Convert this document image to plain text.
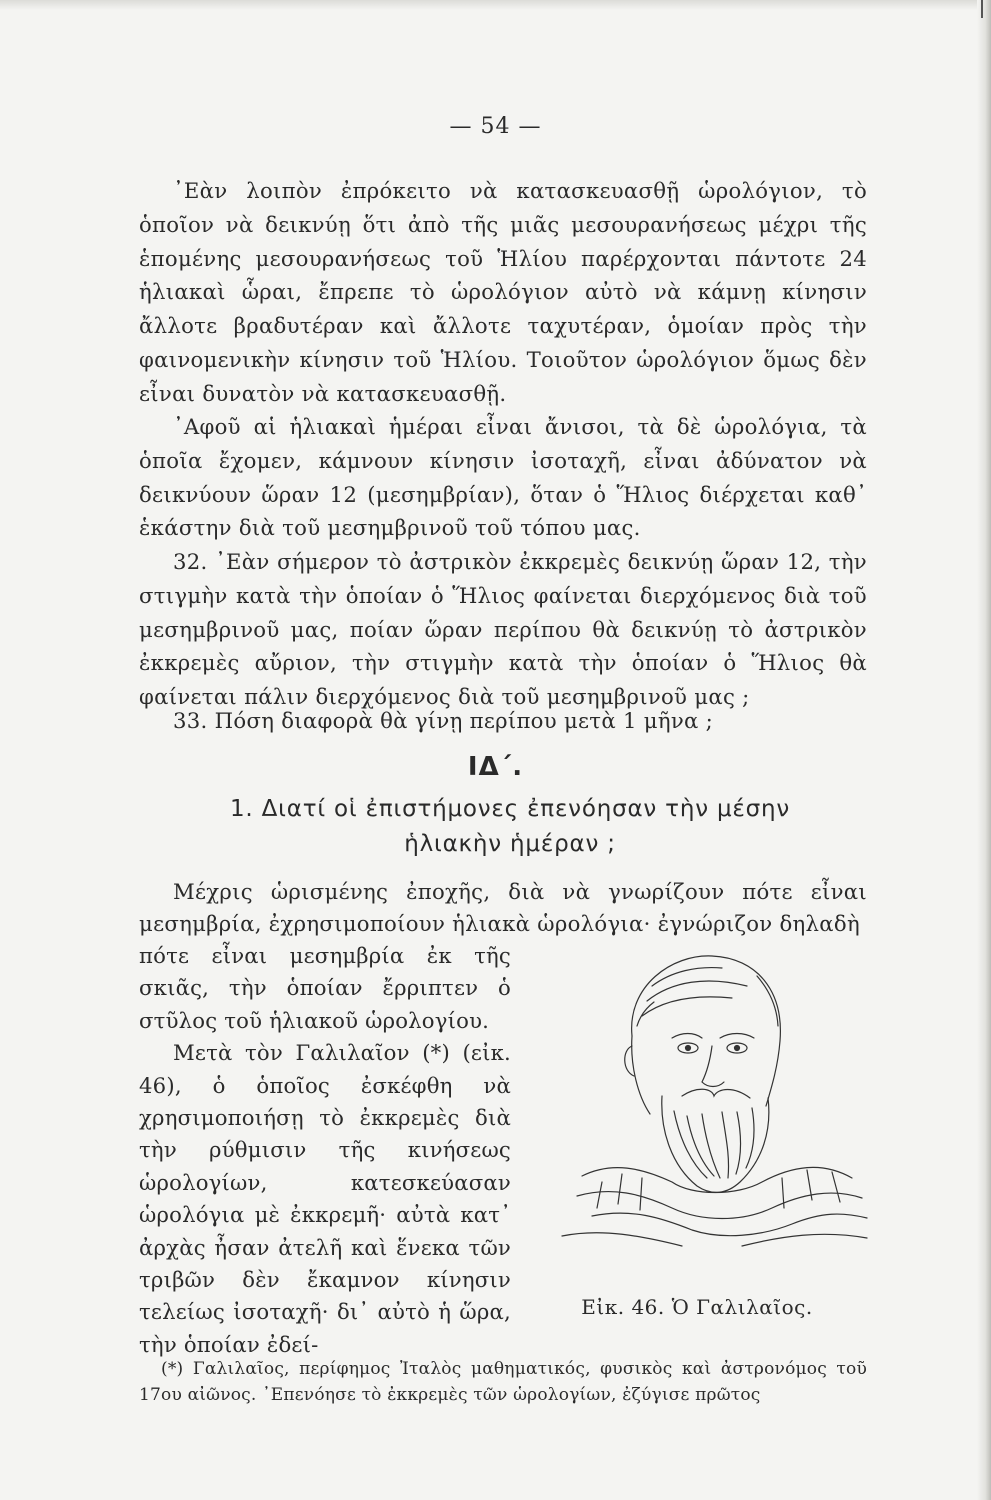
— 54 —

᾿Εὰν λοιπὸν ἐπρόκειτο νὰ κατασκευασθῇ ὡρολόγιον, τὸ ὁποῖον νὰ δεικνύῃ ὅτι ἀπὸ τῆς μιᾶς μεσουρανήσεως μέχρι τῆς ἑπομένης μεσουρανήσεως τοῦ Ἡλίου παρέρχονται πάντοτε 24 ἡλιακαὶ ὧραι, ἔπρεπε τὸ ὡρολόγιον αὐτὸ νὰ κάμνῃ κίνησιν ἄλλοτε βραδυτέραν καὶ ἄλλοτε ταχυτέραν, ὁμοίαν πρὸς τὴν φαινομενικὴν κίνησιν τοῦ Ἡλίου. Τοιοῦτον ὡρολόγιον ὅμως δὲν εἶναι δυνατὸν νὰ κατασκευασθῇ.

᾿Αφοῦ αἱ ἡλιακαὶ ἡμέραι εἶναι ἄνισοι, τὰ δὲ ὡρολόγια, τὰ ὁποῖα ἔχομεν, κάμνουν κίνησιν ἰσοταχῆ, εἶναι ἀδύνατον νὰ δεικνύουν ὥραν 12 (μεσημβρίαν), ὅταν ὁ Ἥλιος διέρχεται καθ᾿ ἑκάστην διὰ τοῦ μεσημβρινοῦ τοῦ τόπου μας.

32. ᾿Εὰν σήμερον τὸ ἀστρικὸν ἐκκρεμὲς δεικνύῃ ὥραν 12, τὴν στιγμὴν κατὰ τὴν ὁποίαν ὁ Ἥλιος φαίνεται διερχόμενος διὰ τοῦ μεσημβρινοῦ μας, ποίαν ὥραν περίπου θὰ δεικνύῃ τὸ ἀστρικὸν ἐκκρεμὲς αὔριον, τὴν στιγμὴν κατὰ τὴν ὁποίαν ὁ Ἥλιος θὰ φαίνεται πάλιν διερχόμενος διὰ τοῦ μεσημβρινοῦ μας ;

33. Πόση διαφορὰ θὰ γίνῃ περίπου μετὰ 1 μῆνα ;

ΙΔ΄.
1. Διατί οἱ ἐπιστήμονες ἐπενόησαν τὴν μέσην ἡλιακὴν ἡμέραν ;
Μέχρις ὡρισμένης ἐποχῆς, διὰ νὰ γνωρίζουν πότε εἶναι μεσημβρία, ἐχρησιμοποίουν ἡλιακὰ ὡρολόγια· ἐγνώριζον δηλαδὴ

πότε εἶναι μεσημβρία ἐκ τῆς σκιᾶς, τὴν ὁποίαν ἔρριπτεν ὁ στῦλος τοῦ ἡλιακοῦ ὡρολογίου.

Μετὰ τὸν Γαλιλαῖον (*) (εἰκ. 46), ὁ ὁποῖος ἐσκέφθη νὰ χρησιμοποιήσῃ τὸ ἐκκρεμὲς διὰ τὴν ρύθμισιν τῆς κινήσεως ὡρολογίων, κατεσκεύασαν ὡρολόγια μὲ ἐκκρεμῆ· αὐτὰ κατ᾿ ἀρχὰς ἦσαν ἀτελῆ καὶ ἕνεκα τῶν τριβῶν δὲν ἔκαμνον κίνησιν τελείως ἰσοταχῆ· δι᾿ αὐτὸ ἡ ὥρα, τὴν ὁποίαν ἐδεί-

Εἰκ. 46. Ὁ Γαλιλαῖος.

(*) Γαλιλαῖος, περίφημος Ἰταλὸς μαθηματικός, φυσικὸς καὶ ἀστρονόμος τοῦ 17ου αἰῶνος. ᾿Επενόησε τὸ ἐκκρεμὲς τῶν ὡρολογίων, ἐζύγισε πρῶτος
